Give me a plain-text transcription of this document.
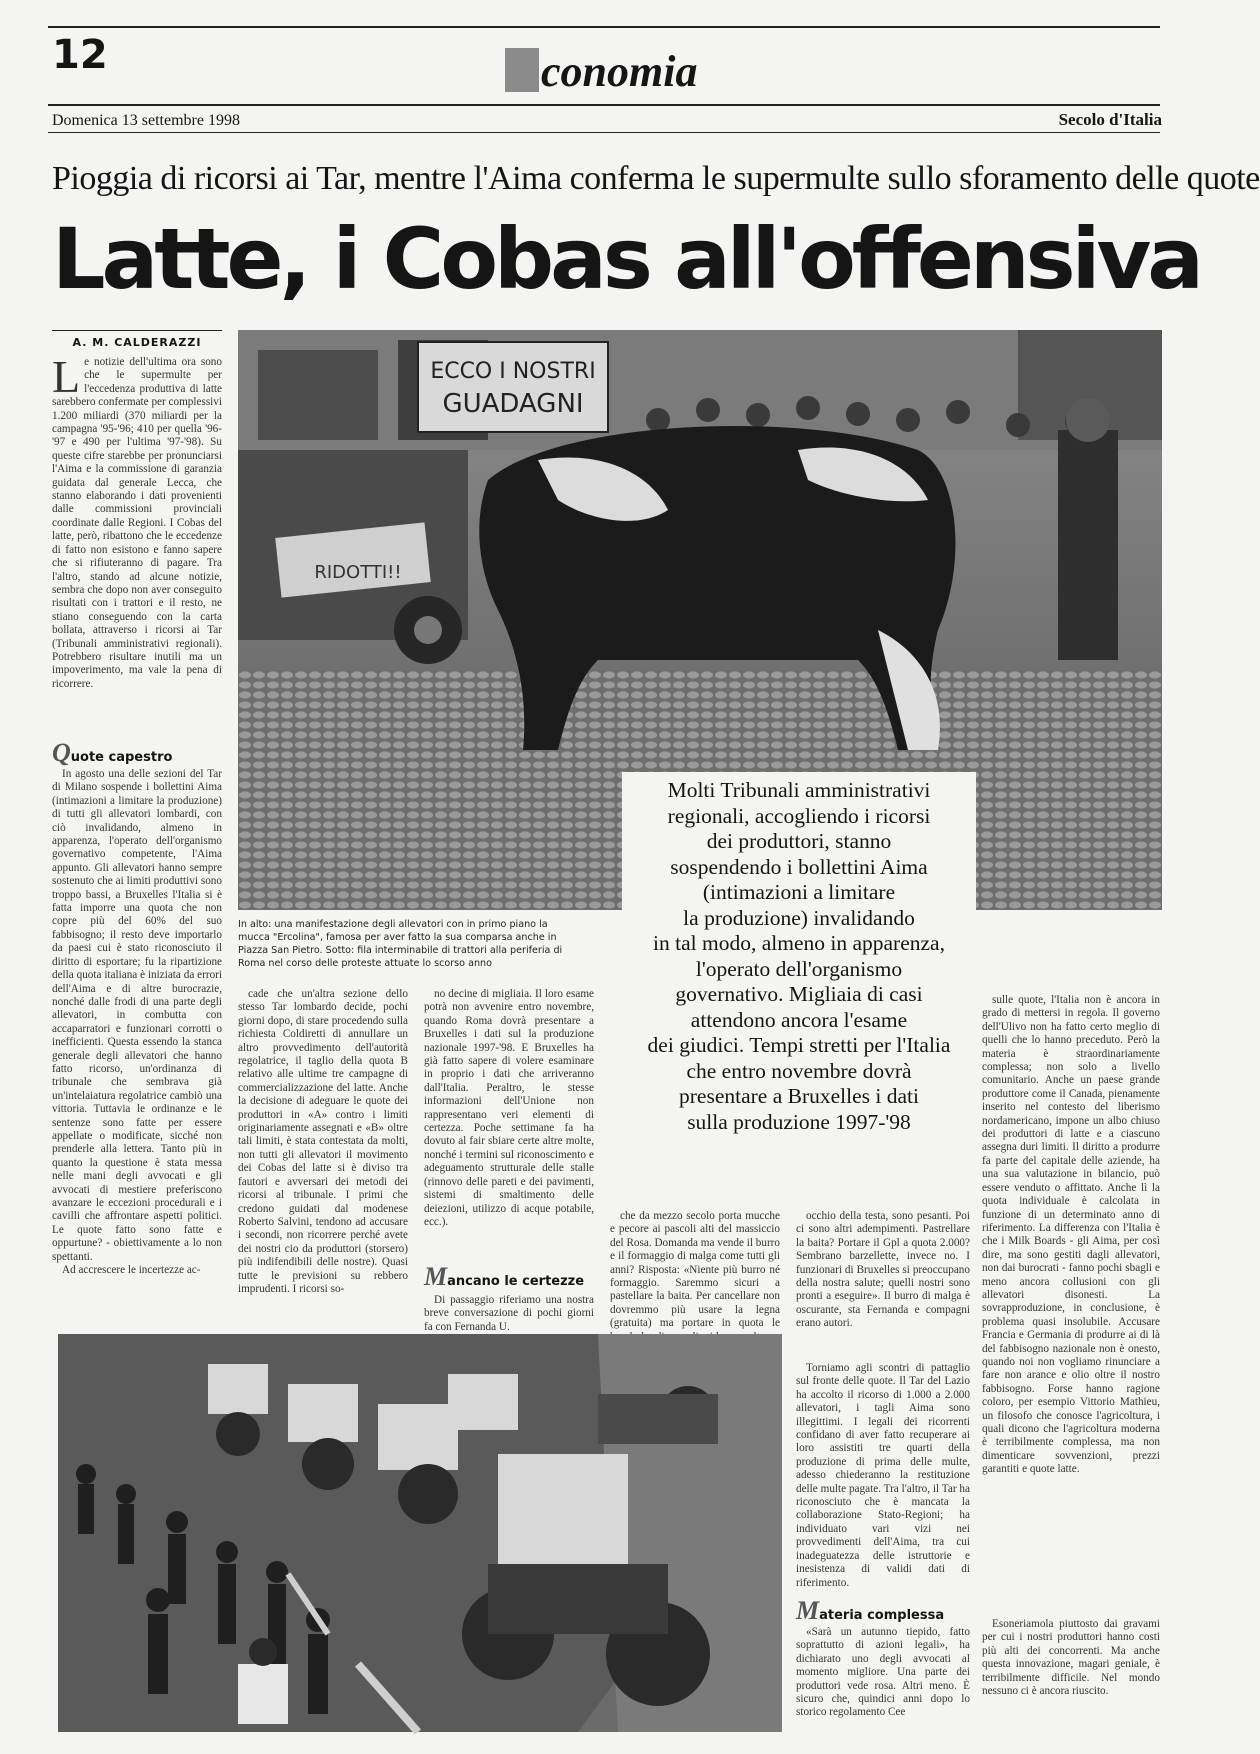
12	conomia
Domenica 13 settembre 1998	Secolo d'Italia
Pioggia di ricorsi ai Tar, mentre l'Aima conferma le supermulte sullo sforamento delle quote
Latte, i Cobas all'offensiva
A. M. CALDERAZZI
ECCO I NOSTRI
GUADAGNI
RIDOTTI!!
In alto: una manifestazione degli allevatori con in primo piano la mucca "Ercolina", famosa per aver fatto la sua comparsa anche in Piazza San Pietro. Sotto: fila interminabile di trattori alla periferia di Roma nel corso delle proteste attuate lo scorso anno
Molti Tribunali amministrativi
regionali, accogliendo i ricorsi
dei produttori, stanno
sospendendo i bollettini Aima
(intimazioni a limitare
la produzione) invalidando
in tal modo, almeno in apparenza,
l'operato dell'organismo
governativo. Migliaia di casi
attendono ancora l'esame
dei giudici. Tempi stretti per l'Italia
che entro novembre dovrà
presentare a Bruxelles i dati
sulla produzione 1997-'98
Le notizie dell'ultima ora sono che le supermulte per l'eccedenza produttiva di latte sarebbero confermate per complessivi 1.200 miliardi (370 miliardi per la campagna '95-'96; 410 per quella '96-'97 e 490 per l'ultima '97-'98). Su queste cifre starebbe per pronunciarsi l'Aima e la commissione di garanzia guidata dal generale Lecca, che stanno elaborando i dati provenienti dalle commissioni provinciali coordinate dalle Regioni. I Cobas del latte, però, ribattono che le eccedenze di fatto non esistono e fanno sapere che si rifiuteranno di pagare. Tra l'altro, stando ad alcune notizie, sembra che dopo non aver conseguito risultati con i trattori e il resto, ne stiano conseguendo con la carta bollata, attraverso i ricorsi ai Tar (Tribunali amministrativi regionali). Potrebbero risultare inutili ma un impoverimento, ma vale la pena di ricorrere.
Quote capestro

In agosto una delle sezioni del Tar di Milano sospende i bollettini Aima (intimazioni a limitare la produzione) di tutti gli allevatori lombardi, con ciò invalidando, almeno in apparenza, l'operato dell'organismo governativo competente, l'Aima appunto. Gli allevatori hanno sempre sostenuto che ai limiti produttivi sono troppo bassi, a Bruxelles l'Italia si è fatta imporre una quota che non copre più del 60% del suo fabbisogno; il resto deve importarlo da paesi cui è stato riconosciuto il diritto di esportare; fu la ripartizione della quota italiana è iniziata da errori dell'Aima e di altre burocrazie, nonché dalle frodi di una parte degli allevatori, in combutta con accaparratori e funzionari corrotti o inefficienti. Questa essendo la stanca generale degli allevatori che hanno fatto ricorso, un'ordinanza di tribunale che sembrava già un'intelaiatura regolatrice cambiò una vittoria. Tuttavia le ordinanze e le sentenze sono fatte per essere appellate o modificate, sicché non prenderle alla lettera. Tanto più in quanto la questione è stata messa nelle mani degli avvocati e gli avvocati di mestiere preferiscono avanzare le eccezioni procedurali e i cavilli che affrontare aspetti politici. Le quote fatto sono fatte e oppurtune? - obiettivamente a lo non spettanti.

Ad accrescere le incertezze ac-

cade che un'altra sezione dello stesso Tar lombardo decide, pochi giorni dopo, di stare procedendo sulla richiesta Coldiretti di annullare un altro provvedimento dell'autorità regolatrice, il taglio della quota B relativo alle ultime tre campagne di commercializzazione del latte. Anche la decisione di adeguare le quote dei produttori in «A» contro i limiti originariamente assegnati e «B» oltre tali limiti, è stata contestata da molti, non tutti gli allevatori il movimento dei Cobas del latte si è diviso tra fautori e avversari dei metodi dei ricorsi al tribunale. I primi che credono guidati dal modenese Roberto Salvini, tendono ad accusare i secondi, non ricorrere perché avete dei nostri cio da produttori (storsero) più indifendibili delle nostre). Quasi tutte le previsioni su rebbero imprudenti. I ricorsi so-

no decine di migliaia. Il loro esame potrà non avvenire entro novembre, quando Roma dovrà presentare a Bruxelles i dati sul la produzione nazionale 1997-'98. E Bruxelles ha già fatto sapere di volere esaminare in proprio i dati che arriveranno dall'Italia. Peraltro, le stesse informazioni dell'Unione non rappresentano veri elementi di certezza. Poche settimane fa ha dovuto al fair sbiare certe altre molte, nonché i termini sul riconoscimento e adeguamento strutturale delle stalle (rinnovo delle pareti e dei pavimenti, sistemi di smaltimento delle deiezioni, utilizzo di acque potabile, ecc.).

Mancano le certezze

Di passaggio riferiamo una nostra breve conversazione di pochi giorni fa con Fernanda U.

che da mezzo secolo porta mucche e pecore ai pascoli alti del massiccio del Rosa. Domanda ma vende il burro e il formaggio di malga come tutti gli anni? Risposta: «Niente più burro né formaggio. Saremmo sicuri a pastellare la baita. Per cancellare non dovremmo più usare la legna (gratuita) ma portare in quota le

occhio della testa, sono pesanti. Poi ci sono altri adempimenti. Pastrellare la baita? Portare il Gpl a quota 2.000? Sembrano barzellette, invece no. I funzionari di Bruxelles si preoccupano della nostra salute; quelli nostri sono pronti a eseguire». Il burro di malga è oscurante, sta Fernanda e compagni erano autori.

Torniamo agli scontri di pattaglio sul fronte delle quote. Il Tar del Lazio ha accolto il ricorso di 1.000 a 2.000 allevatori, i tagli Aima sono illegittimi. I legali dei ricorrenti confidano di aver fatto recuperare ai loro assistiti tre quarti della produzione di prima delle multe, adesso chiederanno la restituzione delle multe pagate. Tra l'altro, il Tar ha riconosciuto che è mancata la collaborazione Stato-Regioni; ha individuato vari vizi nei provvedimenti dell'Aima, tra cui inadeguatezza delle istruttorie e inesistenza di validi dati di riferimento.

Materia complessa

«Sarà un autunno tiepido, fatto soprattutto di azioni legali», ha dichiarato uno degli avvocati al momento migliore. Una parte dei produttori vede rosa. Altri meno. È sicuro che, quindici anni dopo lo storico regolamento Cee

sulle quote, l'Italia non è ancora in grado di mettersi in regola. Il governo dell'Ulivo non ha fatto certo meglio di quelli che lo hanno preceduto. Però la materia è straordinariamente complessa; non solo a livello comunitario. Anche un paese grande produttore come il Canada, pienamente inserito nel contesto del liberismo nordamericano, impone un albo chiuso dei produttori di latte e a ciascuno assegna duri limiti. Il diritto a produrre fa parte del capitale delle aziende, ha una sua valutazione in bilancio, può essere venduto o affittato. Anche lì la quota individuale è calcolata in funzione di un determinato anno di riferimento. La differenza con l'Italia è che i Milk Boards - gli Aima, per così dire, ma sono gestiti dagli allevatori, non dai burocrati - fanno pochi sbagli e meno ancora collusioni con gli allevatori disonesti. La sovrapproduzione, in conclusione, è problema quasi insolubile. Accusare Francia e Germania di produrre ai di là del fabbisogno nazionale non è onesto, quando noi non vogliamo rinunciare a fare non arance e olio oltre il nostro fabbisogno. Forse hanno ragione coloro, per esempio Vittorio Mathieu, un filosofo che conosce l'agricoltura, i quali dicono che l'agricoltura moderna è terribilmente complessa, ma non dimenticare sovvenzioni, prezzi garantiti e quote latte.

Esoneriamola piuttosto dai gravami per cui i nostri produttori hanno costi più alti dei concorrenti. Ma anche questa innovazione, magari geniale, è terribilmente difficile. Nel mondo nessuno ci è ancora riuscito.
